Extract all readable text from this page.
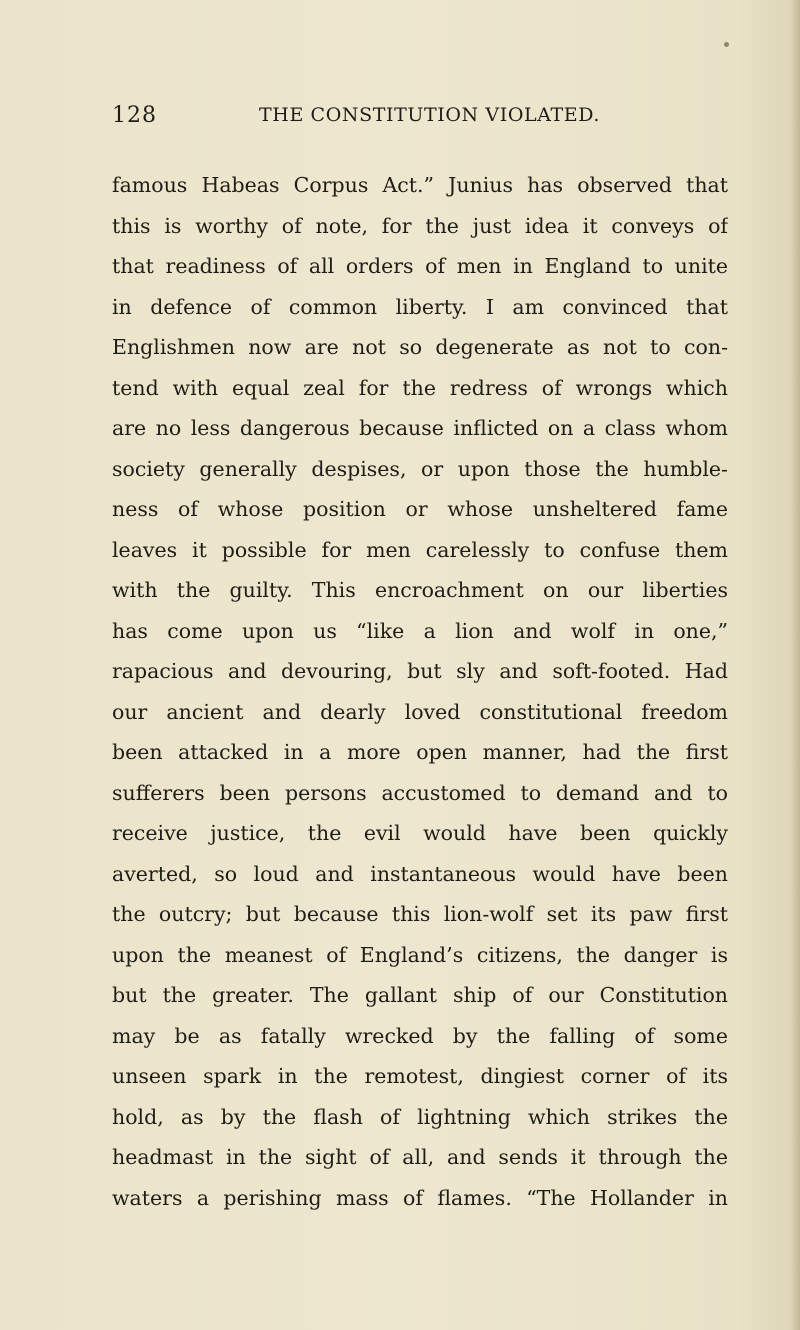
128	THE CONSTITUTION VIOLATED.
famous Habeas Corpus Act.” Junius has observed that
this is worthy of note, for the just idea it conveys of
that readiness of all orders of men in England to unite
in defence of common liberty. I am convinced that
Englishmen now are not so degenerate as not to con-
tend with equal zeal for the redress of wrongs which
are no less dangerous because inflicted on a class whom
society generally despises, or upon those the humble-
ness of whose position or whose unsheltered fame
leaves it possible for men carelessly to confuse them
with the guilty. This encroachment on our liberties
has come upon us “like a lion and wolf in one,”
rapacious and devouring, but sly and soft-footed. Had
our ancient and dearly loved constitutional freedom
been attacked in a more open manner, had the first
sufferers been persons accustomed to demand and to
receive justice, the evil would have been quickly
averted, so loud and instantaneous would have been
the outcry; but because this lion-wolf set its paw first
upon the meanest of England’s citizens, the danger is
but the greater. The gallant ship of our Constitution
may be as fatally wrecked by the falling of some
unseen spark in the remotest, dingiest corner of its
hold, as by the flash of lightning which strikes the
headmast in the sight of all, and sends it through the
waters a perishing mass of flames. “The Hollander in
